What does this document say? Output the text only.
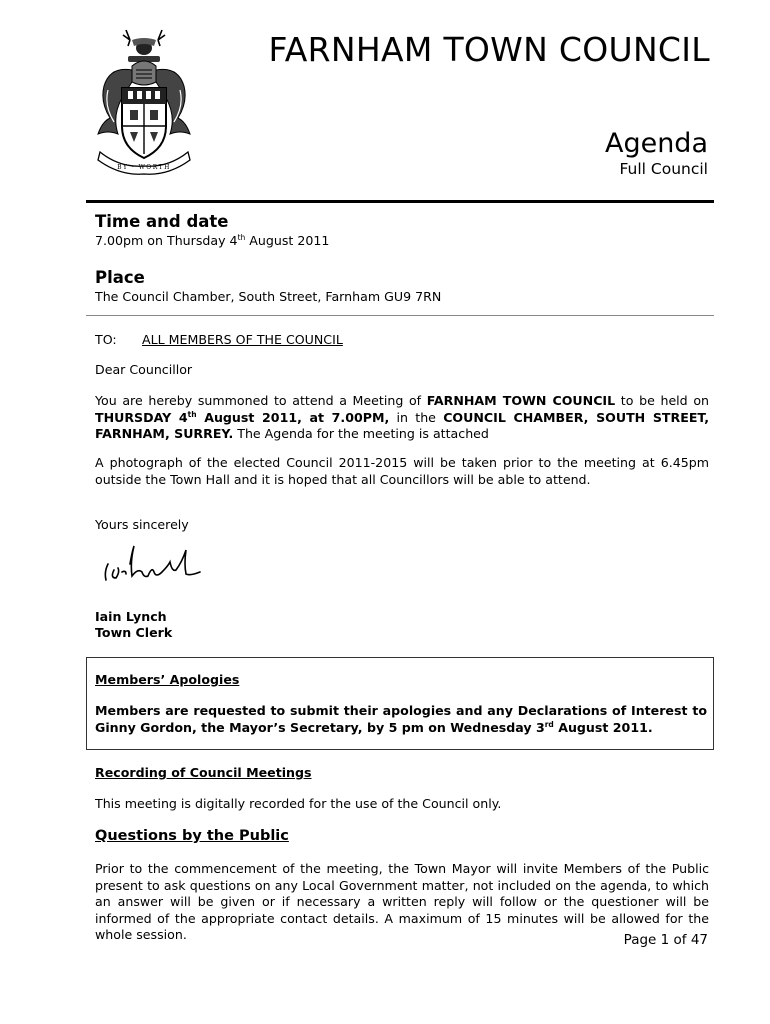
BY · WORTH
FARNHAM TOWN COUNCIL
Agenda
Full Council
Time and date
7.00pm on Thursday 4th August 2011
Place
The Council Chamber, South Street, Farnham GU9 7RN
TO: ALL MEMBERS OF THE COUNCIL
Dear Councillor
You are hereby summoned to attend a Meeting of FARNHAM TOWN COUNCIL to be held on THURSDAY 4th August 2011, at 7.00PM, in the COUNCIL CHAMBER, SOUTH STREET, FARNHAM, SURREY. The Agenda for the meeting is attached
A photograph of the elected Council 2011-2015 will be taken prior to the meeting at 6.45pm outside the Town Hall and it is hoped that all Councillors will be able to attend.
Yours sincerely
Iain Lynch
Town Clerk
Members’ Apologies
Members are requested to submit their apologies and any Declarations of Interest to Ginny Gordon, the Mayor’s Secretary, by 5 pm on Wednesday 3rd August 2011.
Recording of Council Meetings
This meeting is digitally recorded for the use of the Council only.
Questions by the Public
Prior to the commencement of the meeting, the Town Mayor will invite Members of the Public present to ask questions on any Local Government matter, not included on the agenda, to which an answer will be given or if necessary a written reply will follow or the questioner will be informed of the appropriate contact details. A maximum of 15 minutes will be allowed for the whole session.	Page 1 of 47
